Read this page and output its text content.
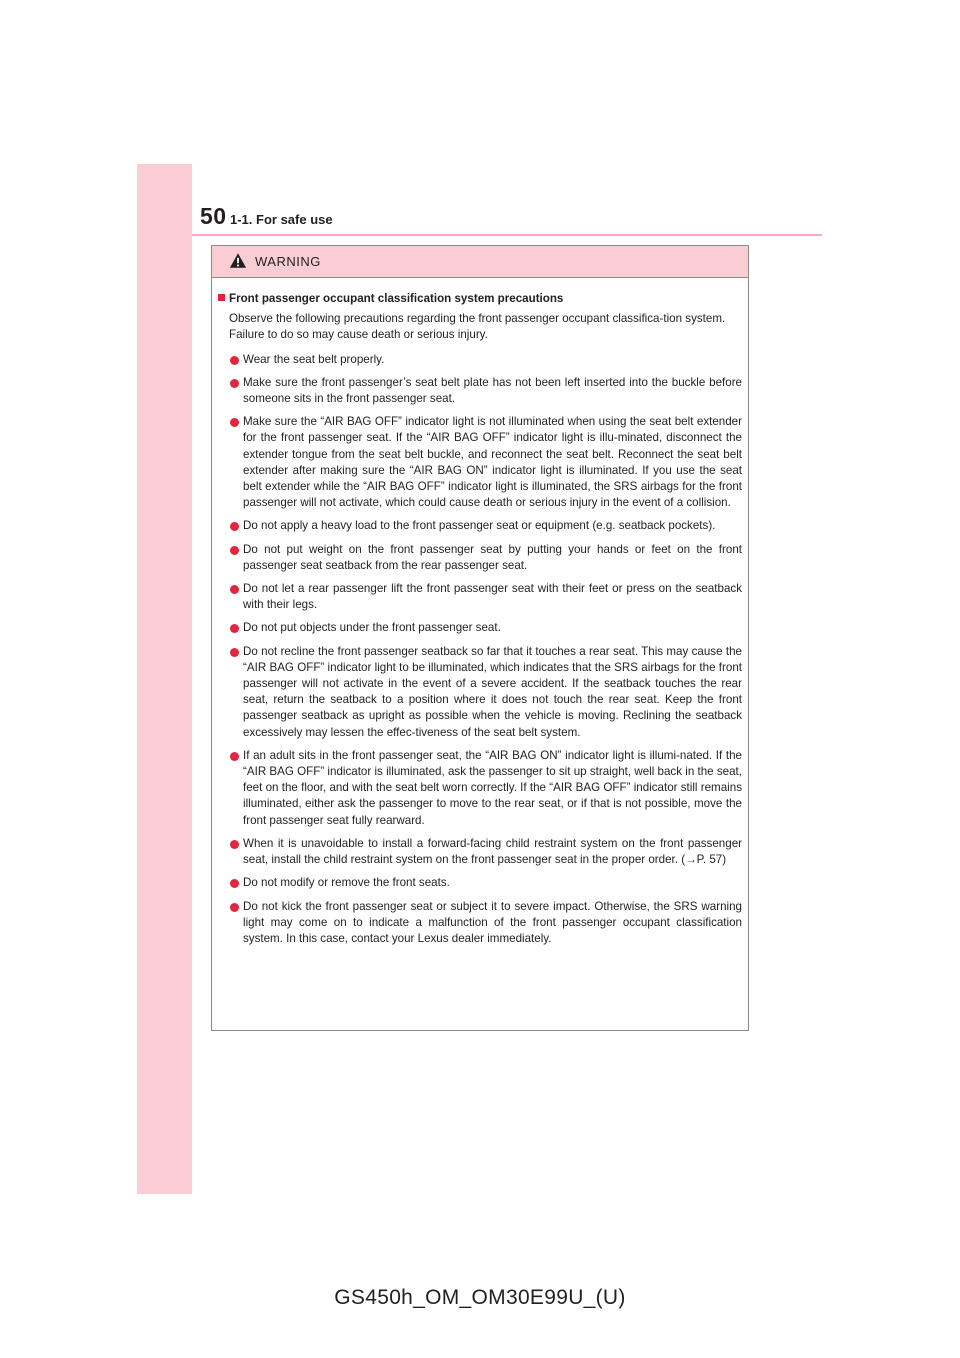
50 1-1. For safe use
WARNING
Front passenger occupant classification system precautions

Observe the following precautions regarding the front passenger occupant classifica-tion system.

Failure to do so may cause death or serious injury.

Wear the seat belt properly.
Make sure the front passenger’s seat belt plate has not been left inserted into the buckle before someone sits in the front passenger seat.
Make sure the “AIR BAG OFF” indicator light is not illuminated when using the seat belt extender for the front passenger seat. If the “AIR BAG OFF” indicator light is illu-minated, disconnect the extender tongue from the seat belt buckle, and reconnect the seat belt. Reconnect the seat belt extender after making sure the “AIR BAG ON” indicator light is illuminated. If you use the seat belt extender while the “AIR BAG OFF” indicator light is illuminated, the SRS airbags for the front passenger will not activate, which could cause death or serious injury in the event of a collision.
Do not apply a heavy load to the front passenger seat or equipment (e.g. seatback pockets).
Do not put weight on the front passenger seat by putting your hands or feet on the front passenger seat seatback from the rear passenger seat.
Do not let a rear passenger lift the front passenger seat with their feet or press on the seatback with their legs.
Do not put objects under the front passenger seat.
Do not recline the front passenger seatback so far that it touches a rear seat. This may cause the “AIR BAG OFF” indicator light to be illuminated, which indicates that the SRS airbags for the front passenger will not activate in the event of a severe accident. If the seatback touches the rear seat, return the seatback to a position where it does not touch the rear seat. Keep the front passenger seatback as upright as possible when the vehicle is moving. Reclining the seatback excessively may lessen the effec-tiveness of the seat belt system.
If an adult sits in the front passenger seat, the “AIR BAG ON” indicator light is illumi-nated. If the “AIR BAG OFF” indicator is illuminated, ask the passenger to sit up straight, well back in the seat, feet on the floor, and with the seat belt worn correctly. If the “AIR BAG OFF” indicator still remains illuminated, either ask the passenger to move to the rear seat, or if that is not possible, move the front passenger seat fully rearward.
When it is unavoidable to install a forward-facing child restraint system on the front passenger seat, install the child restraint system on the front passenger seat in the proper order. (→P. 57)
Do not modify or remove the front seats.
Do not kick the front passenger seat or subject it to severe impact. Otherwise, the SRS warning light may come on to indicate a malfunction of the front passenger occupant classification system. In this case, contact your Lexus dealer immediately.
GS450h_OM_OM30E99U_(U)
